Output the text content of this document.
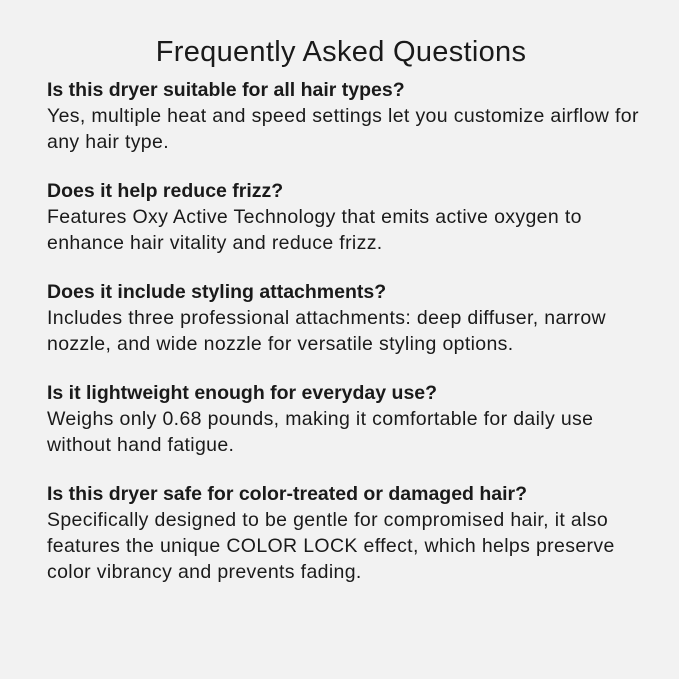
Frequently Asked Questions

Is this dryer suitable for all hair types?

Yes, multiple heat and speed settings let you customize airflow for any hair type.

Does it help reduce frizz?

Features Oxy Active Technology that emits active oxygen to enhance hair vitality and reduce frizz.

Does it include styling attachments?

Includes three professional attachments: deep diffuser, narrow nozzle, and wide nozzle for versatile styling options.

Is it lightweight enough for everyday use?

Weighs only 0.68 pounds, making it comfortable for daily use without hand fatigue.

Is this dryer safe for color-treated or damaged hair?

Specifically designed to be gentle for compromised hair, it also features the unique COLOR LOCK effect, which helps preserve color vibrancy and prevents fading.
